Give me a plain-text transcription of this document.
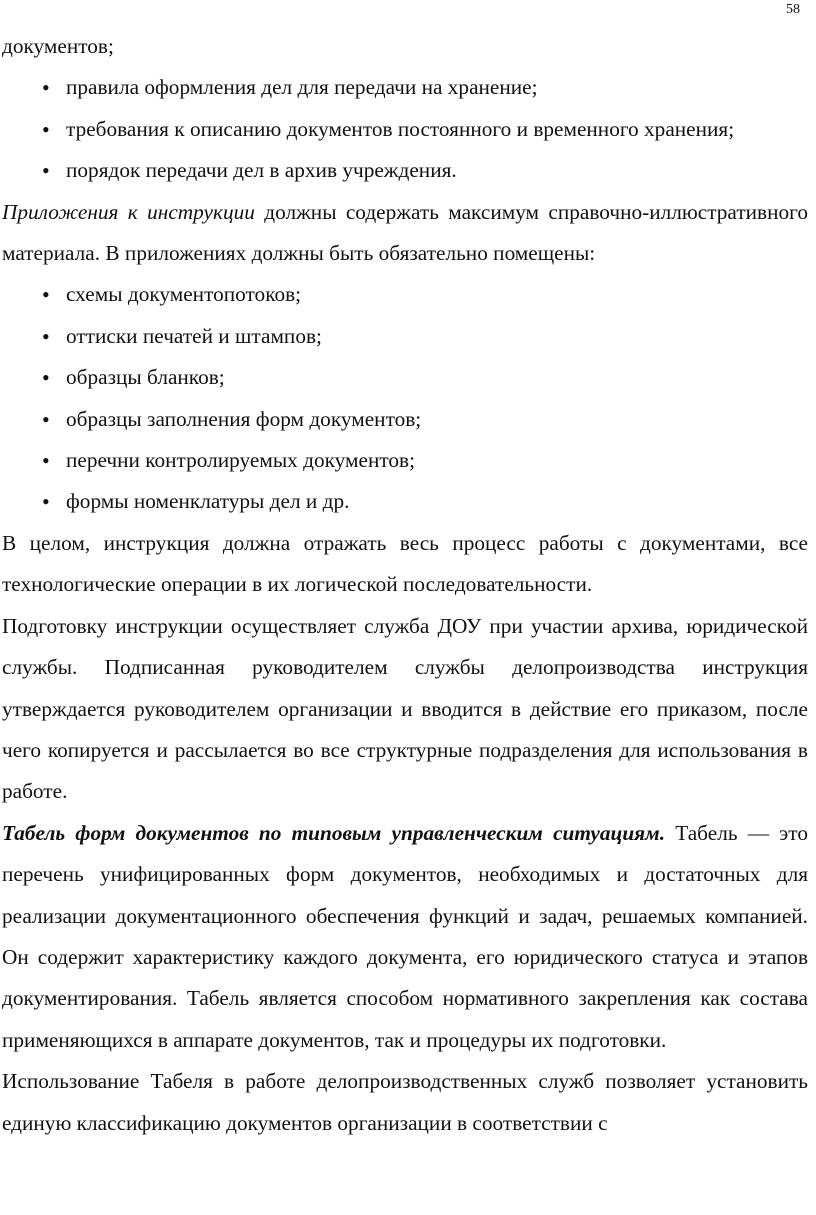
58

документов;

• правила оформления дел для передачи на хранение;
• требования к описанию документов постоянного и временного хранения;
• порядок передачи дел в архив учреждения.

Приложения к инструкции должны содержать максимум справочно-иллюстративного материала. В приложениях должны быть обязательно помещены:

• схемы документопотоков;
• оттиски печатей и штампов;
• образцы бланков;
• образцы заполнения форм документов;
• перечни контролируемых документов;
• формы номенклатуры дел и др.

В целом, инструкция должна отражать весь процесс работы с документами, все технологические операции в их логической последовательности.

Подготовку инструкции осуществляет служба ДОУ при участии архива, юридической службы. Подписанная руководителем службы делопроизводства инструкция утверждается руководителем организации и вводится в действие его приказом, после чего копируется и рассылается во все структурные подразделения для использования в работе.

Табель форм документов по типовым управленческим ситуациям. Табель — это перечень унифицированных форм документов, необходимых и достаточных для реализации документационного обеспечения функций и задач, решаемых компанией. Он содержит характеристику каждого документа, его юридического статуса и этапов документирования. Табель является способом нормативного закрепления как состава применяющихся в аппарате документов, так и процедуры их подготовки.

Использование Табеля в работе делопроизводственных служб позволяет установить единую классификацию документов организации в соответствии с
